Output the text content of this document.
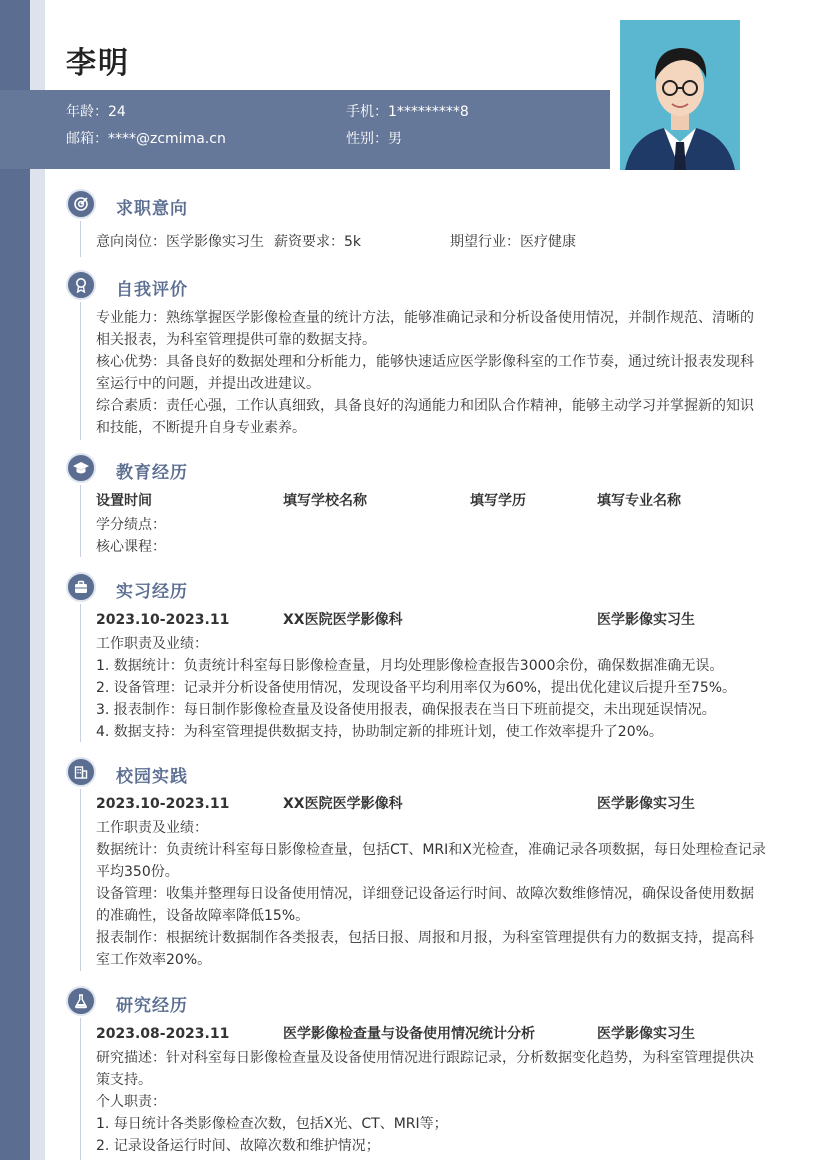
李明
年龄：24	手机：1*********8
邮箱：****@zcmima.cn	性别：男
求职意向
意向岗位：医学影像实习生 薪资要求：5k	期望行业：医疗健康
自我评价
专业能力：熟练掌握医学影像检查量的统计方法，能够准确记录和分析设备使用情况，并制作规范、清晰的相关报表，为科室管理提供可靠的数据支持。
核心优势：具备良好的数据处理和分析能力，能够快速适应医学影像科室的工作节奏，通过统计报表发现科室运行中的问题，并提出改进建议。
综合素质：责任心强，工作认真细致，具备良好的沟通能力和团队合作精神，能够主动学习并掌握新的知识和技能，不断提升自身专业素养。
教育经历
设置时间	填写学校名称	填写学历	填写专业名称
学分绩点：
核心课程：
实习经历
2023.10-2023.11	XX医院医学影像科	医学影像实习生
工作职责及业绩：
1. 数据统计：负责统计科室每日影像检查量，月均处理影像检查报告3000余份，确保数据准确无误。
2. 设备管理：记录并分析设备使用情况，发现设备平均利用率仅为60%，提出优化建议后提升至75%。
3. 报表制作：每日制作影像检查量及设备使用报表，确保报表在当日下班前提交，未出现延误情况。
4. 数据支持：为科室管理提供数据支持，协助制定新的排班计划，使工作效率提升了20%。
校园实践
2023.10-2023.11	XX医院医学影像科	医学影像实习生
工作职责及业绩：
数据统计：负责统计科室每日影像检查量，包括CT、MRI和X光检查，准确记录各项数据，每日处理检查记录平均350份。
设备管理：收集并整理每日设备使用情况，详细登记设备运行时间、故障次数维修情况，确保设备使用数据的准确性，设备故障率降低15%。
报表制作：根据统计数据制作各类报表，包括日报、周报和月报，为科室管理提供有力的数据支持，提高科室工作效率20%。
研究经历
2023.08-2023.11	医学影像检查量与设备使用情况统计分析	医学影像实习生
研究描述：针对科室每日影像检查量及设备使用情况进行跟踪记录，分析数据变化趋势，为科室管理提供决策支持。
个人职责：
1. 每日统计各类影像检查次数，包括X光、CT、MRI等；
2. 记录设备运行时间、故障次数和维护情况；
